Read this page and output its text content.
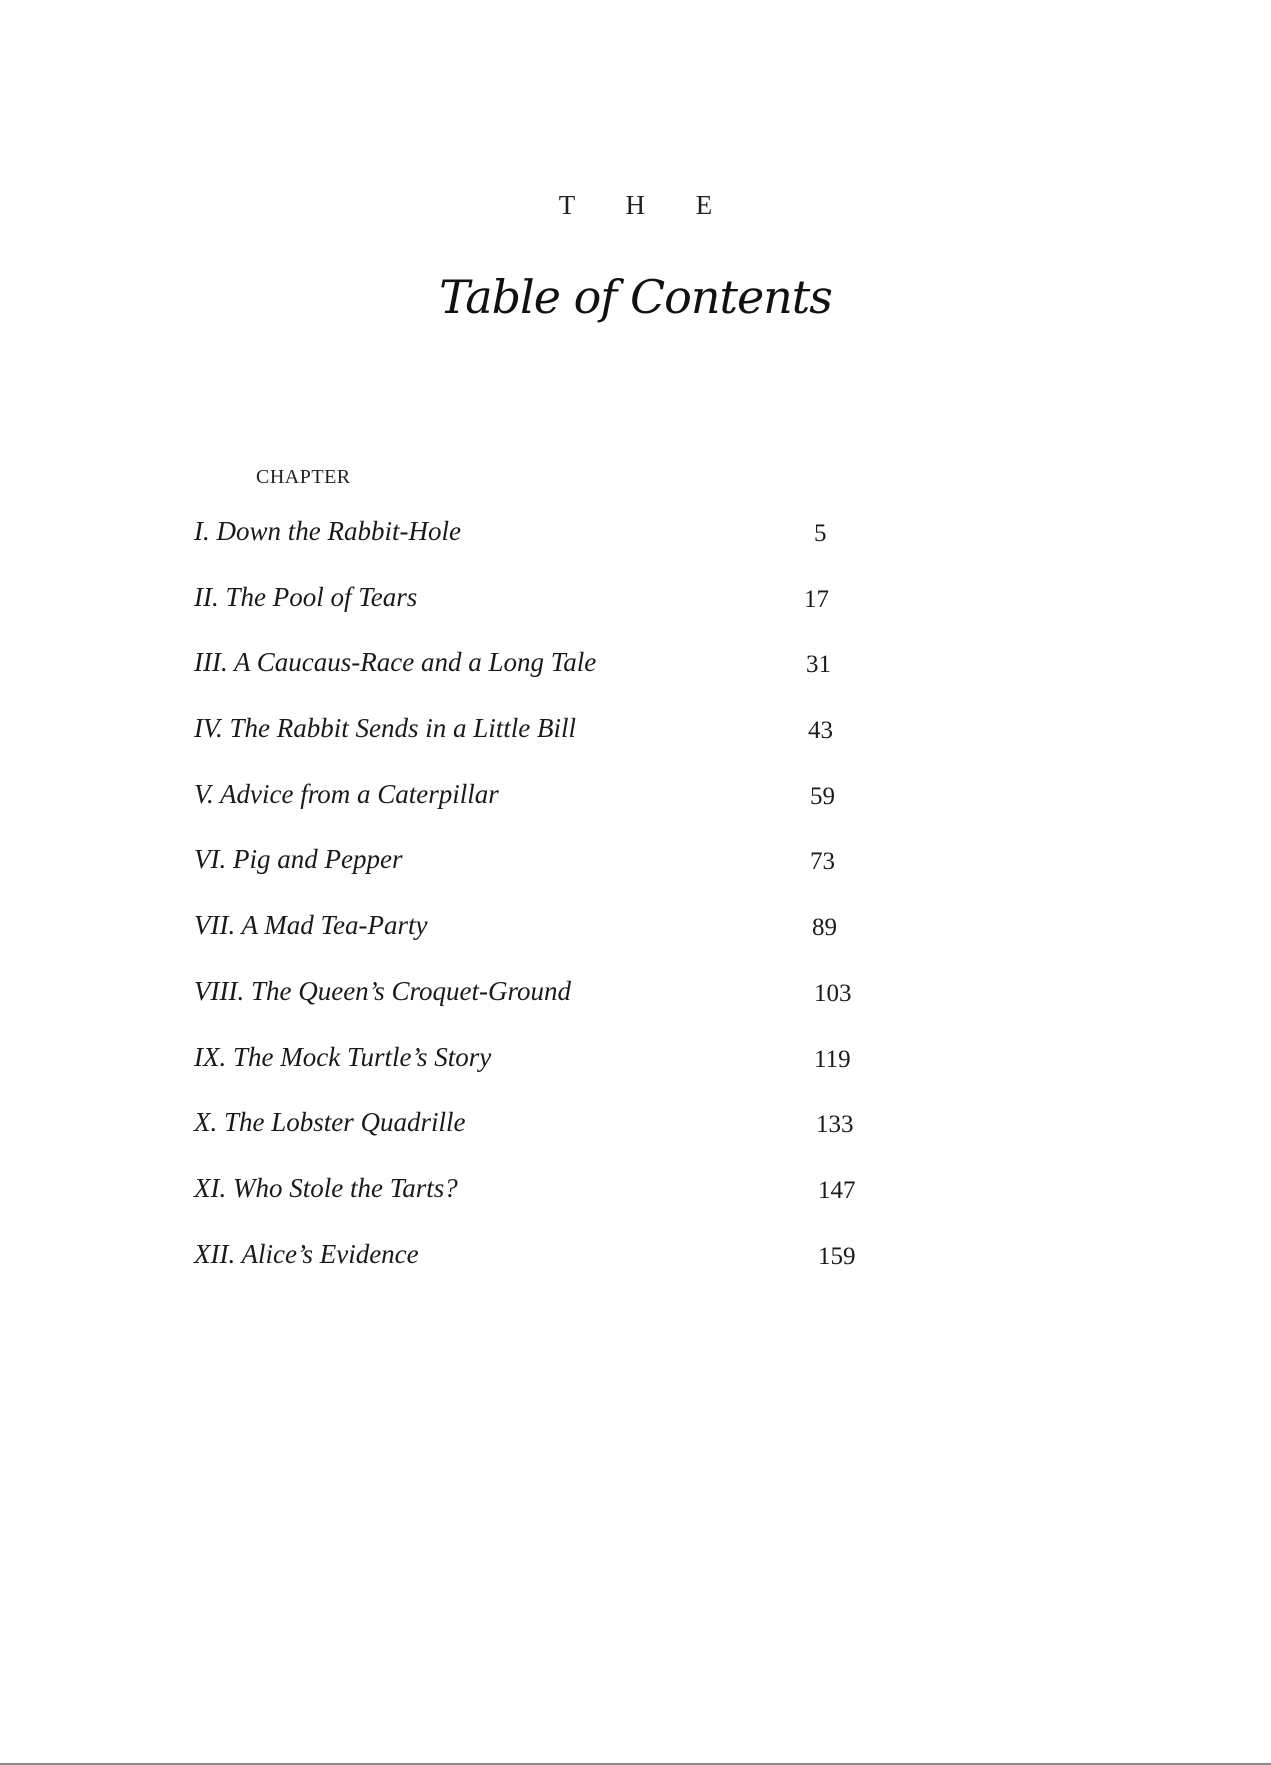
T H E
Table of Contents
CHAPTER
I. Down the Rabbit-Hole	5
II. The Pool of Tears	17
III. A Caucaus-Race and a Long Tale	31
IV. The Rabbit Sends in a Little Bill	43
V. Advice from a Caterpillar	59
VI. Pig and Pepper	73
VII. A Mad Tea-Party	89
VIII. The Queen’s Croquet-Ground	103
IX. The Mock Turtle’s Story	119
X. The Lobster Quadrille	133
XI. Who Stole the Tarts?	147
XII. Alice’s Evidence	159
